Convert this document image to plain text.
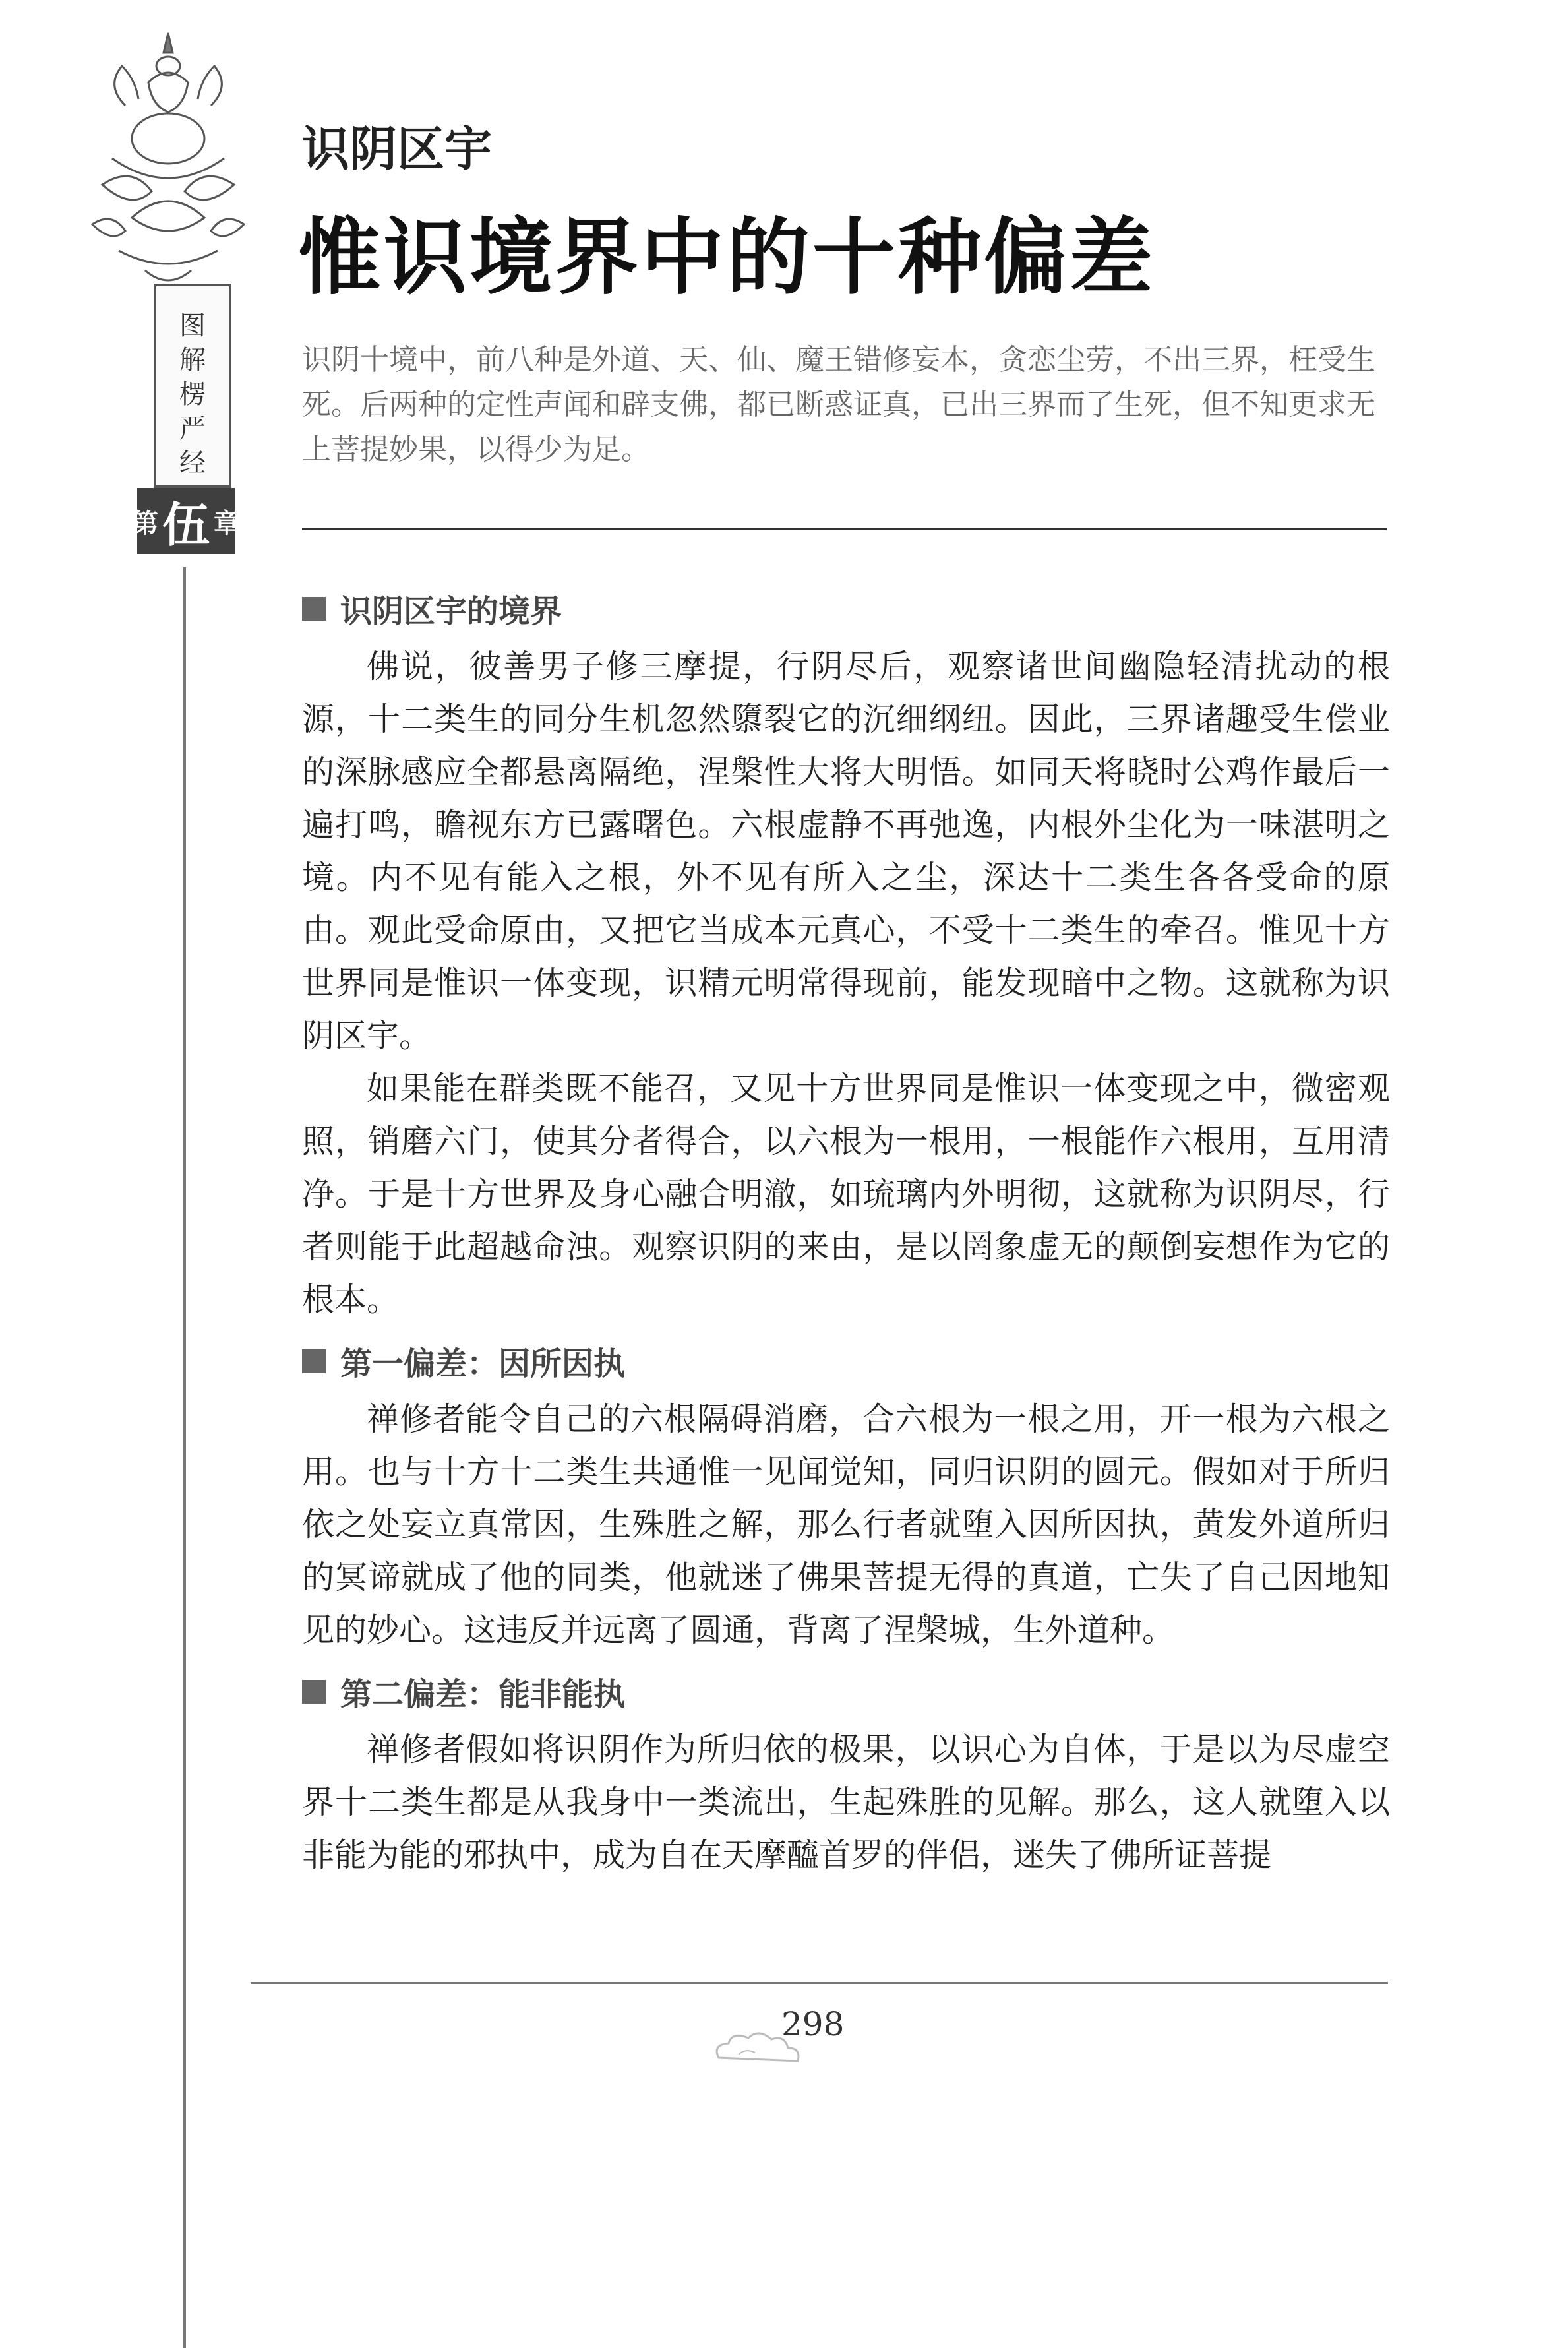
图
解
楞
严
经
第 伍 章
识阴区宇
惟识境界中的十种偏差
识阴十境中，前八种是外道、天、仙、魔王错修妄本，贪恋尘劳，不出三界，枉受生死。后两种的定性声闻和辟支佛，都已断惑证真，已出三界而了生死，但不知更求无上菩提妙果，以得少为足。
识阴区宇的境界

佛说，彼善男子修三摩提，行阴尽后，观察诸世间幽隐轻清扰动的根源，十二类生的同分生机忽然隳裂它的沉细纲纽。因此，三界诸趣受生偿业的深脉感应全都悬离隔绝，涅槃性大将大明悟。如同天将晓时公鸡作最后一遍打鸣，瞻视东方已露曙色。六根虚静不再弛逸，内根外尘化为一味湛明之境。内不见有能入之根，外不见有所入之尘，深达十二类生各各受命的原由。观此受命原由，又把它当成本元真心，不受十二类生的牵召。惟见十方世界同是惟识一体变现，识精元明常得现前，能发现暗中之物。这就称为识阴区宇。

如果能在群类既不能召，又见十方世界同是惟识一体变现之中，微密观照，销磨六门，使其分者得合，以六根为一根用，一根能作六根用，互用清净。于是十方世界及身心融合明澈，如琉璃内外明彻，这就称为识阴尽，行者则能于此超越命浊。观察识阴的来由，是以罔象虚无的颠倒妄想作为它的根本。

第一偏差：因所因执

禅修者能令自己的六根隔碍消磨，合六根为一根之用，开一根为六根之用。也与十方十二类生共通惟一见闻觉知，同归识阴的圆元。假如对于所归依之处妄立真常因，生殊胜之解，那么行者就堕入因所因执，黄发外道所归的冥谛就成了他的同类，他就迷了佛果菩提无得的真道，亡失了自己因地知见的妙心。这违反并远离了圆通，背离了涅槃城，生外道种。

第二偏差：能非能执

禅修者假如将识阴作为所归依的极果，以识心为自体，于是以为尽虚空界十二类生都是从我身中一类流出，生起殊胜的见解。那么，这人就堕入以非能为能的邪执中，成为自在天摩醯首罗的伴侣，迷失了佛所证菩提

298
